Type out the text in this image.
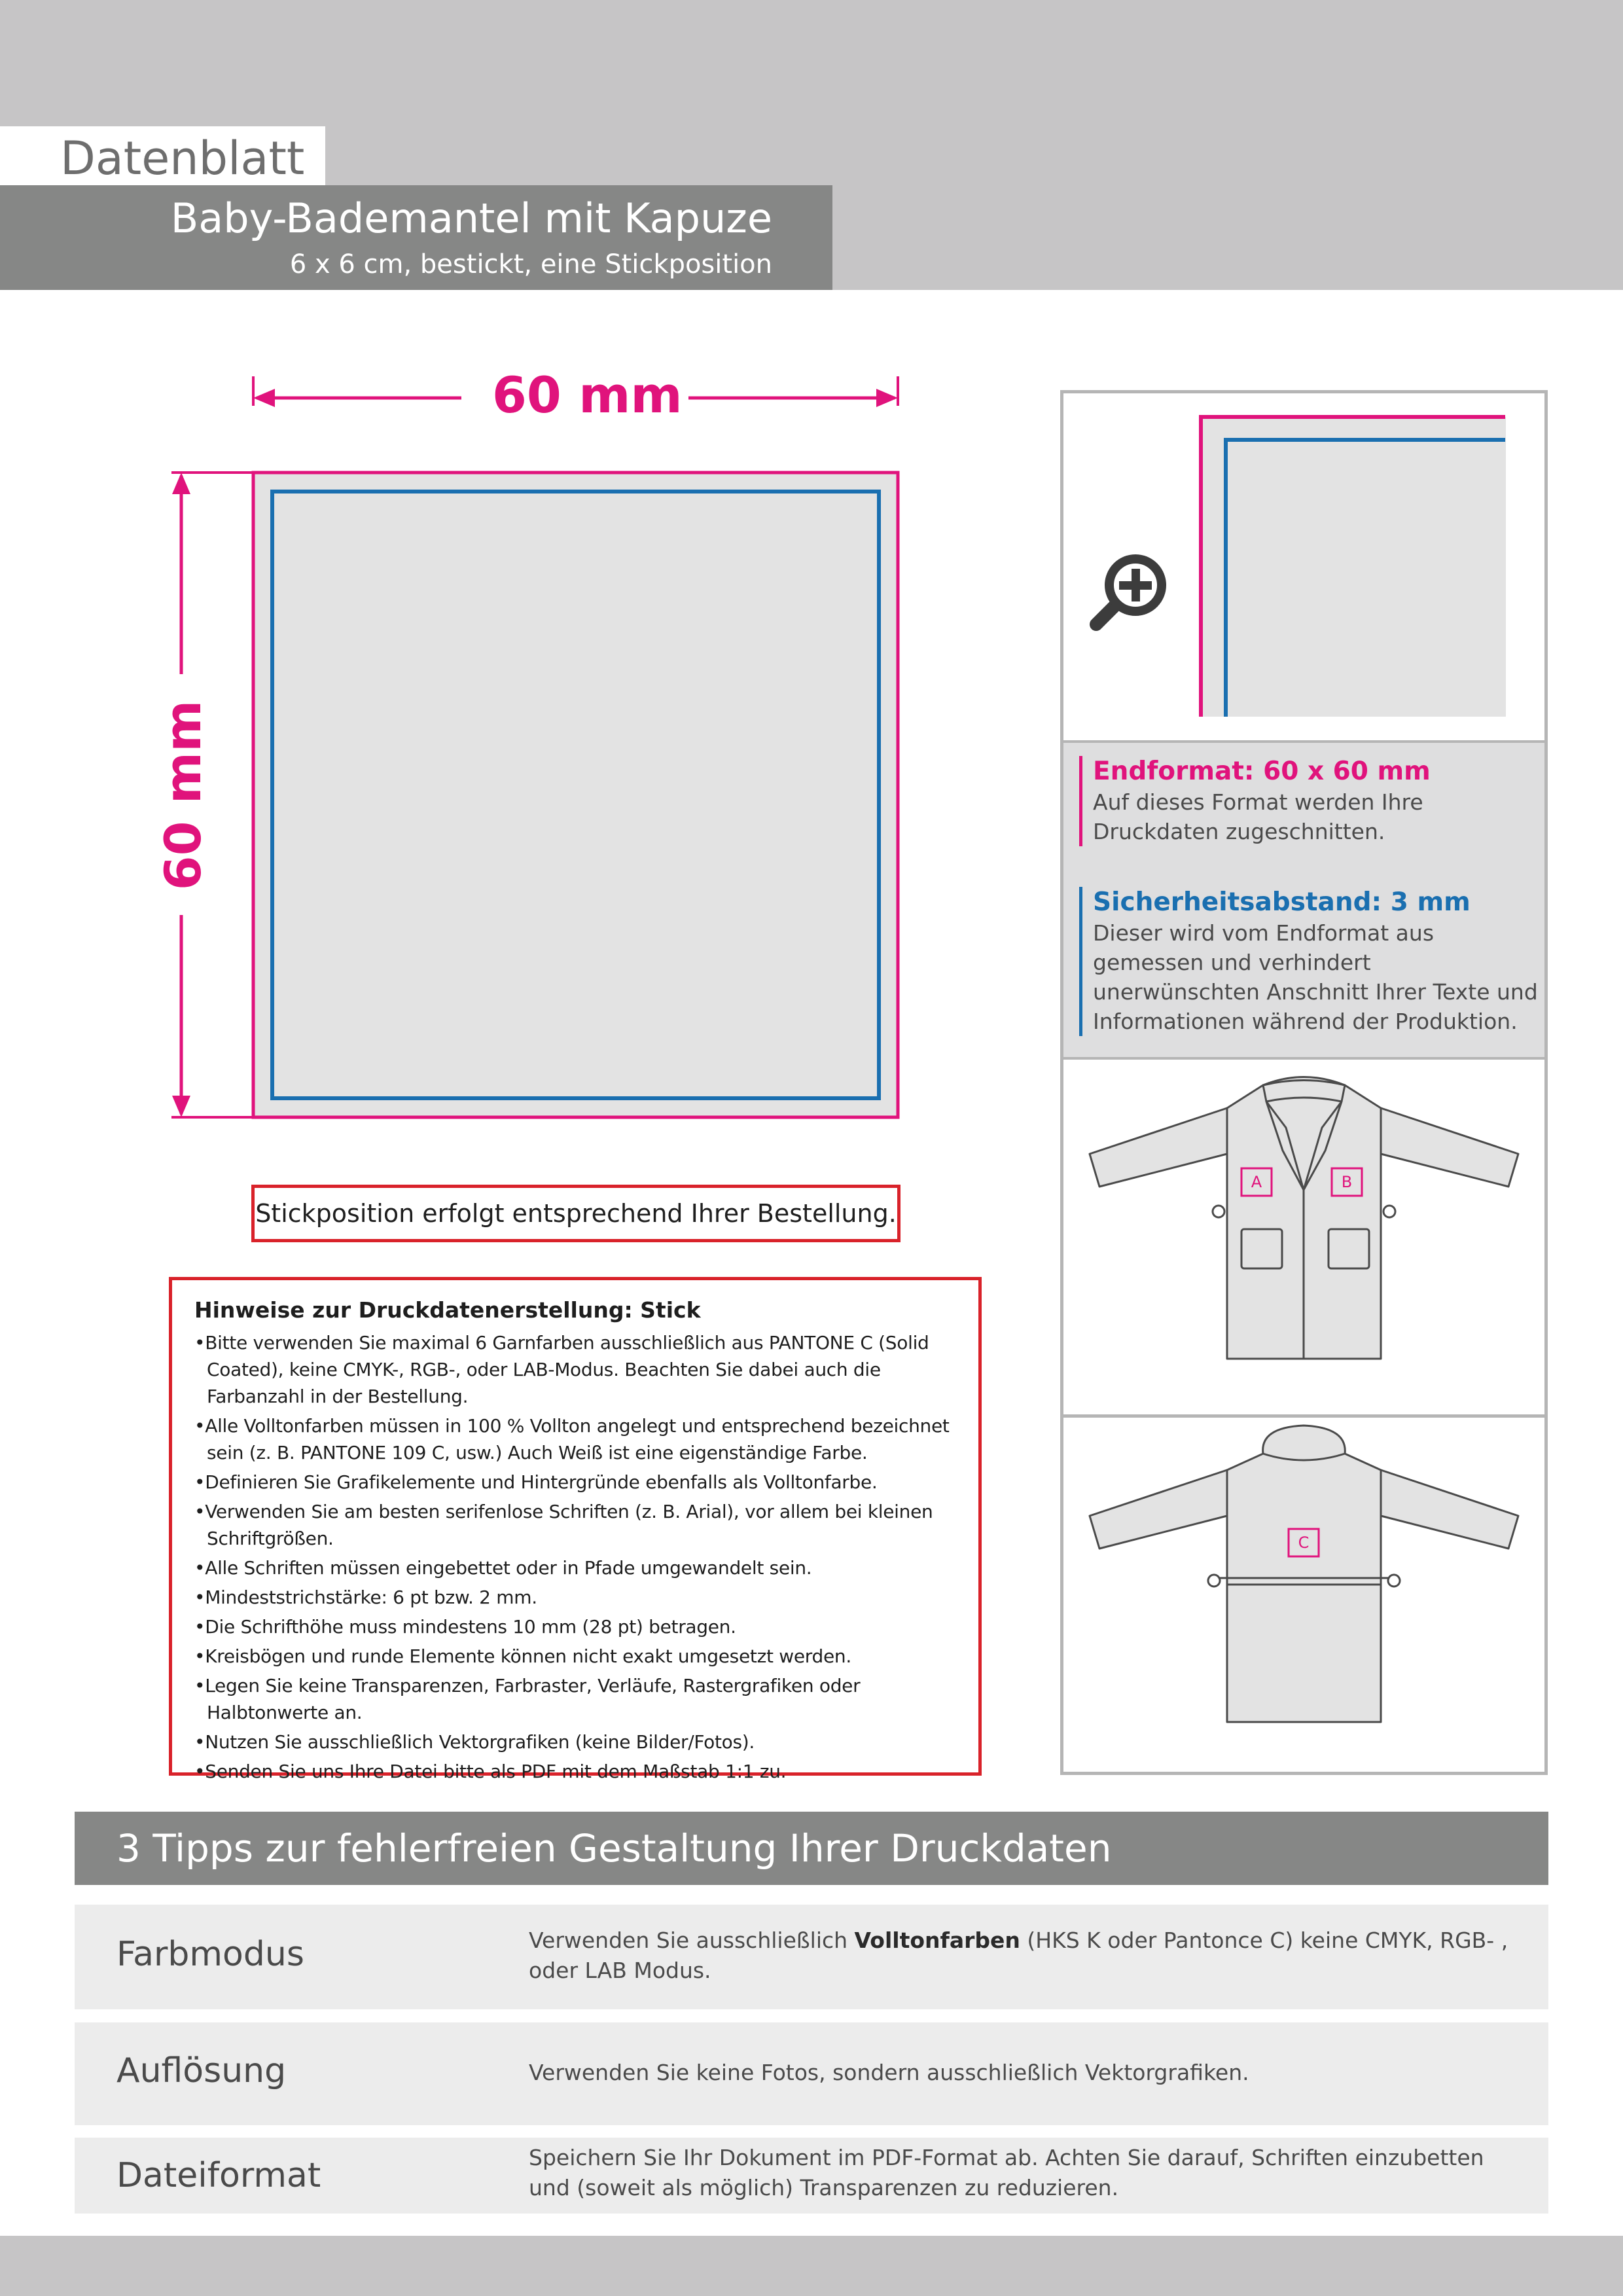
Datenblatt
Baby-Bademantel mit Kapuze
6 x 6 cm, bestickt, eine Stickposition
60 mm
60 mm
Stickposition erfolgt entsprechend Ihrer Bestellung.
Hinweise zur Druckdatenerstellung: Stick
• Bitte verwenden Sie maximal 6 Garnfarben ausschließlich aus PANTONE C (Solid Coated), keine CMYK-, RGB-, oder LAB-Modus. Beachten Sie dabei auch die Farbanzahl in der Bestellung.
• Alle Volltonfarben müssen in 100 % Vollton angelegt und entsprechend bezeichnet sein (z. B. PANTONE 109 C, usw.) Auch Weiß ist eine eigenständige Farbe.
• Definieren Sie Grafikelemente und Hintergründe ebenfalls als Volltonfarbe.
• Verwenden Sie am besten serifenlose Schriften (z. B. Arial), vor allem bei kleinen Schriftgrößen.
• Alle Schriften müssen eingebettet oder in Pfade umgewandelt sein.
• Mindeststrichstärke: 6 pt bzw. 2 mm.
• Die Schrifthöhe muss mindestens 10 mm (28 pt) betragen.
• Kreisbögen und runde Elemente können nicht exakt umgesetzt werden.
• Legen Sie keine Transparenzen, Farbraster, Verläufe, Rastergrafiken oder Halbtonwerte an.
• Nutzen Sie ausschließlich Vektorgrafiken (keine Bilder/Fotos).
• Senden Sie uns Ihre Datei bitte als PDF mit dem Maßstab 1:1 zu.
Endformat: 60 x 60 mm
Auf dieses Format werden Ihre Druckdaten zugeschnitten.
Sicherheitsabstand: 3 mm
Dieser wird vom Endformat aus gemessen und verhindert unerwünschten Anschnitt Ihrer Texte und Informationen während der Produktion.
A	B
C
3 Tipps zur fehlerfreien Gestaltung Ihrer Druckdaten
Farbmodus	Verwenden Sie ausschließlich Volltonfarben (HKS K oder Pantonce C) keine CMYK, RGB- , oder LAB Modus.
Auflösung	Verwenden Sie keine Fotos, sondern ausschließlich Vektorgrafiken.
Dateiformat	Speichern Sie Ihr Dokument im PDF-Format ab. Achten Sie darauf, Schriften einzubetten und (soweit als möglich) Transparenzen zu reduzieren.
